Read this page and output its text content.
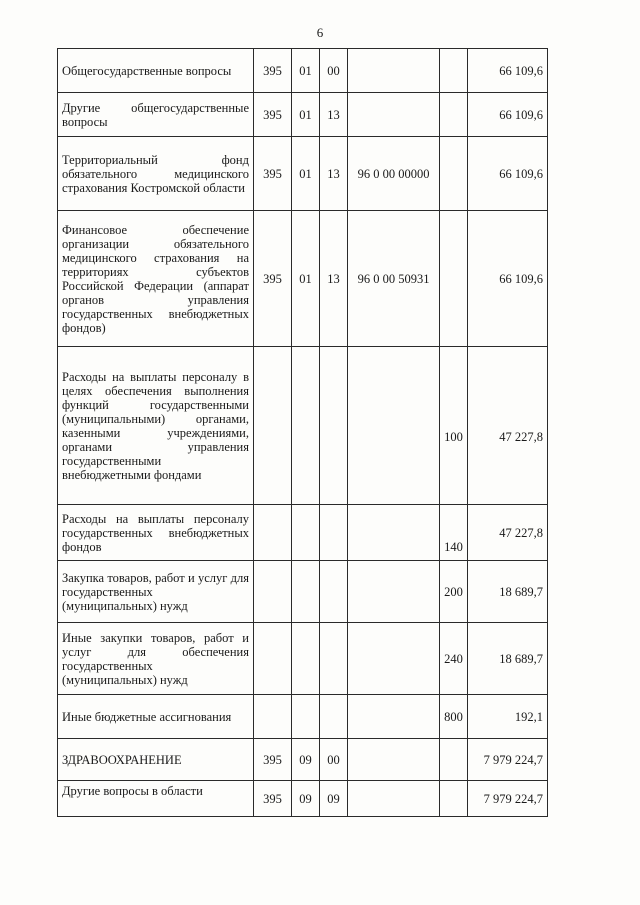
6
Общегосударственные вопросы	395	01	00			66 109,6
Другие общегосударственные вопросы	395	01	13			66 109,6
Территориальный фонд обязательного медицинского страхования Костромской области	395	01	13	96 0 00 00000		66 109,6
Финансовое обеспечение организации обязательного медицинского страхования на территориях субъектов Российской Федерации (аппарат органов управления государственных внебюджетных фондов)	395	01	13	96 0 00 50931		66 109,6
Расходы на выплаты персоналу в целях обеспечения выполнения функций государственными (муниципальными) органами, казенными учреждениями, органами управления государственными внебюджетными фондами					100	47 227,8
Расходы на выплаты персоналу государственных внебюджетных фондов					140	47 227,8
Закупка товаров, работ и услуг для государственных (муниципальных) нужд					200	18 689,7
Иные закупки товаров, работ и услуг для обеспечения государственных (муниципальных) нужд					240	18 689,7
Иные бюджетные ассигнования					800	192,1
ЗДРАВООХРАНЕНИЕ	395	09	00			7 979 224,7
Другие вопросы в области	395	09	09			7 979 224,7
